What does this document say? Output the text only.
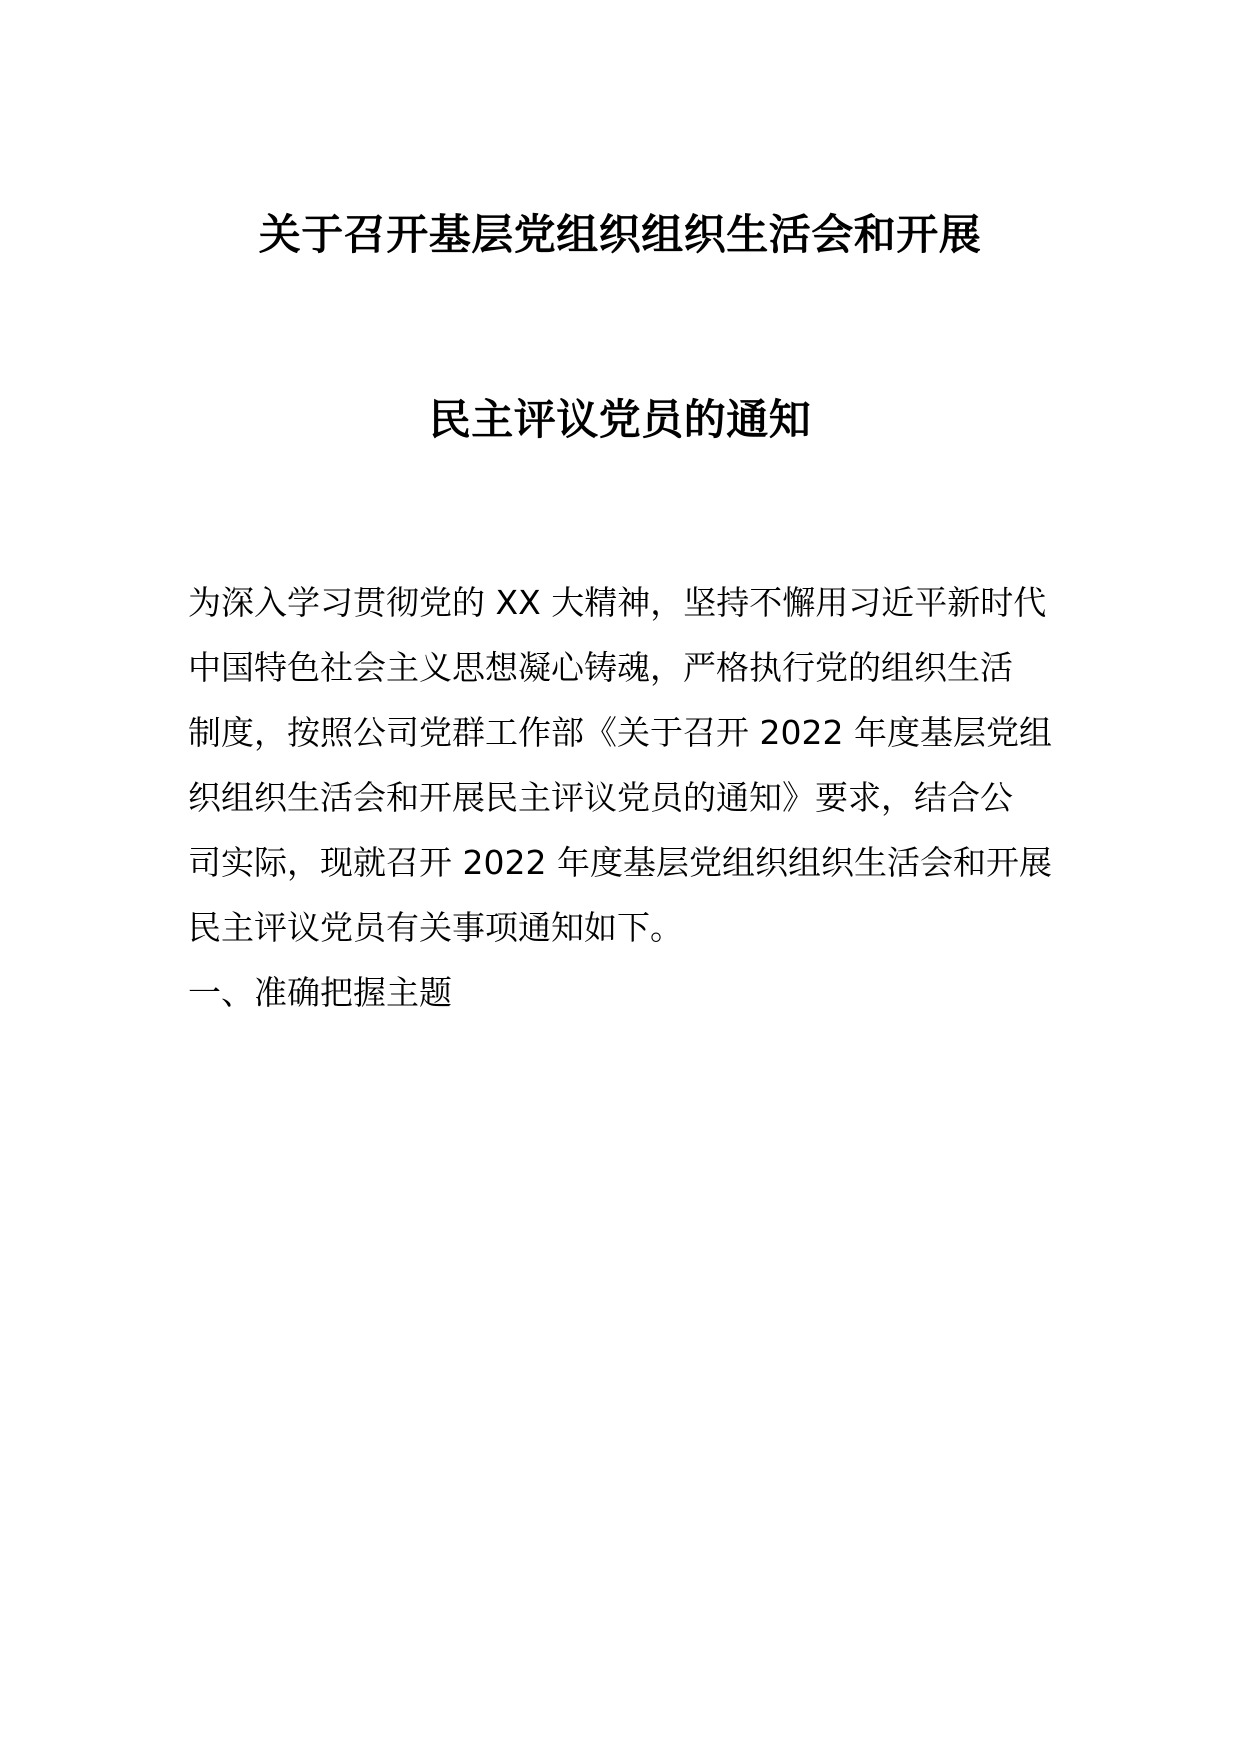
关于召开基层党组织组织生活会和开展
民主评议党员的通知
为深入学习贯彻党的 XX 大精神，坚持不懈用习近平新时代
中国特色社会主义思想凝心铸魂，严格执行党的组织生活
制度，按照公司党群工作部《关于召开 2022 年度基层党组
织组织生活会和开展民主评议党员的通知》要求，结合公
司实际，现就召开 2022 年度基层党组织组织生活会和开展
民主评议党员有关事项通知如下。
一、准确把握主题
